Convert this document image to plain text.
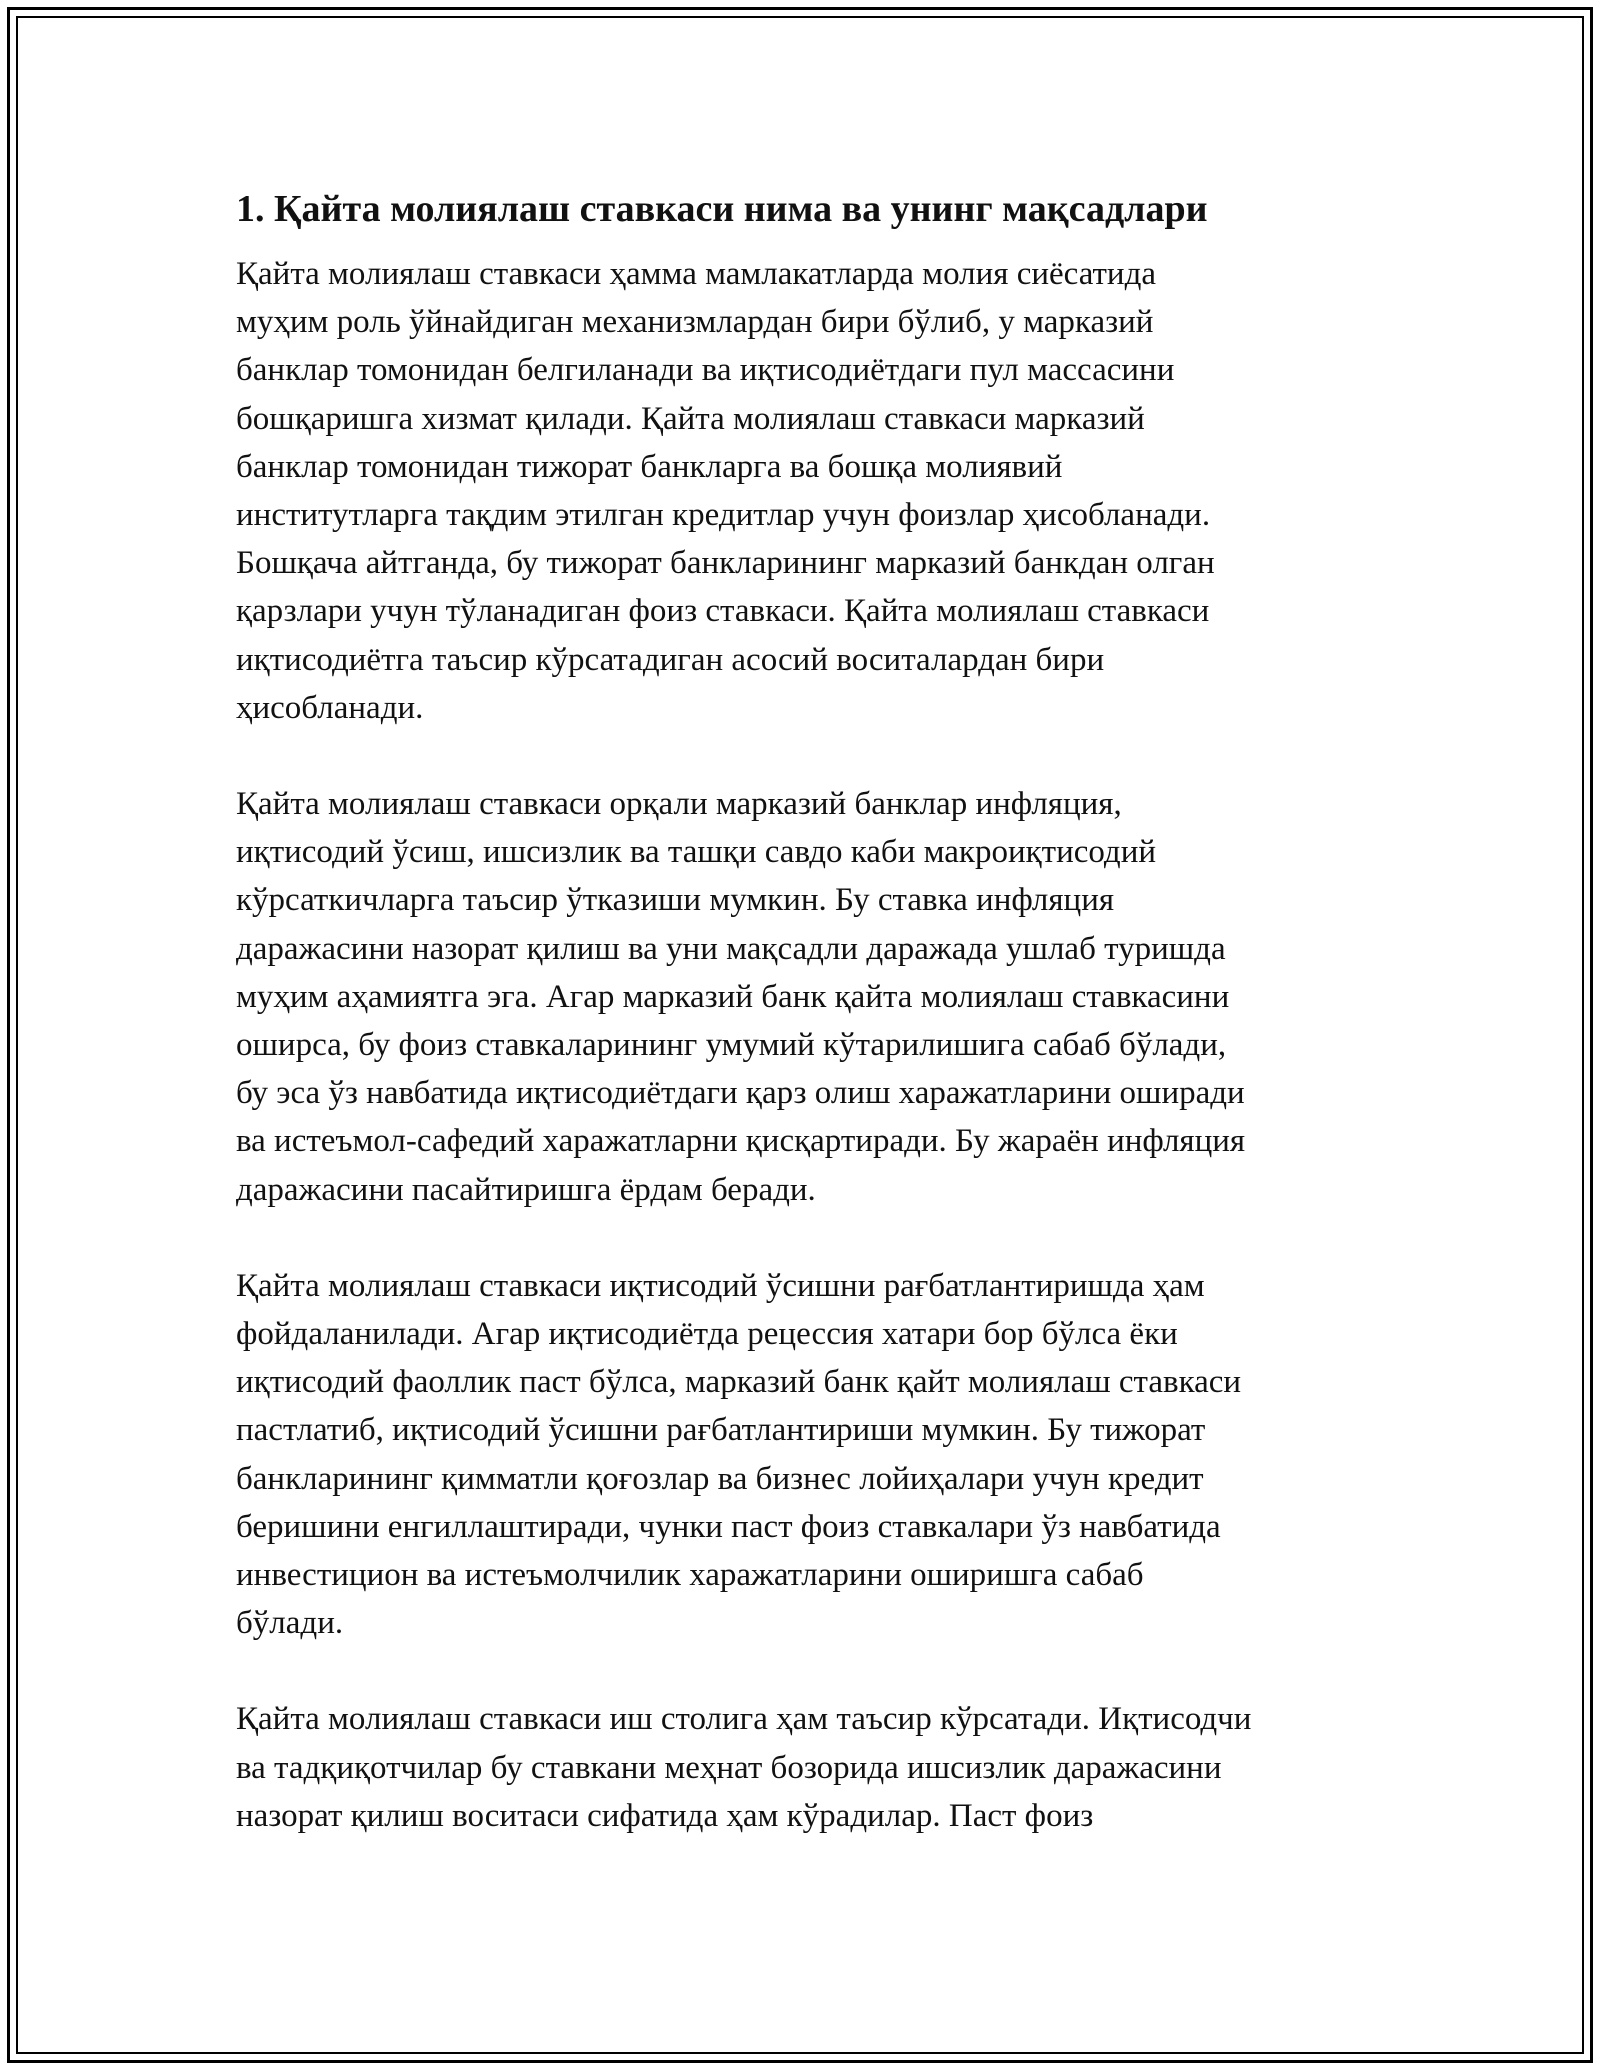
1. Қайта молиялаш ставкаси нима ва унинг мақсадлари

Қайта молиялаш ставкаси ҳамма мамлакатларда молия сиёсатида
муҳим роль ўйнайдиган механизмлардан бири бўлиб, у марказий
банклар томонидан белгиланади ва иқтисодиётдаги пул массасини
бошқаришга хизмат қилади. Қайта молиялаш ставкаси марказий
банклар томонидан тижорат банкларга ва бошқа молиявий
институтларга тақдим этилган кредитлар учун фоизлар ҳисобланади.
Бошқача айтганда, бу тижорат банкларининг марказий банкдан олган
қарзлари учун тўланадиган фоиз ставкаси. Қайта молиялаш ставкаси
иқтисодиётга таъсир кўрсатадиган асосий воситалардан бири
ҳисобланади.

Қайта молиялаш ставкаси орқали марказий банклар инфляция,
иқтисодий ўсиш, ишсизлик ва ташқи савдо каби макроиқтисодий
кўрсаткичларга таъсир ўтказиши мумкин. Бу ставка инфляция
даражасини назорат қилиш ва уни мақсадли даражада ушлаб туришда
муҳим аҳамиятга эга. Агар марказий банк қайта молиялаш ставкасини
оширса, бу фоиз ставкаларининг умумий кўтарилишига сабаб бўлади,
бу эса ўз навбатида иқтисодиётдаги қарз олиш харажатларини оширади
ва истеъмол-сафедий харажатларни қисқартиради. Бу жараён инфляция
даражасини пасайтиришга ёрдам беради.

Қайта молиялаш ставкаси иқтисодий ўсишни рағбатлантиришда ҳам
фойдаланилади. Агар иқтисодиётда рецессия хатари бор бўлса ёки
иқтисодий фаоллик паст бўлса, марказий банк қайт молиялаш ставкаси
пастлатиб, иқтисодий ўсишни рағбатлантириши мумкин. Бу тижорат
банкларининг қимматли қоғозлар ва бизнес лойиҳалари учун кредит
беришини енгиллаштиради, чунки паст фоиз ставкалари ўз навбатида
инвестицион ва истеъмолчилик харажатларини оширишга сабаб
бўлади.

Қайта молиялаш ставкаси иш столига ҳам таъсир кўрсатади. Иқтисодчи
ва тадқиқотчилар бу ставкани меҳнат бозорида ишсизлик даражасини
назорат қилиш воситаси сифатида ҳам кўрадилар. Паст фоиз
